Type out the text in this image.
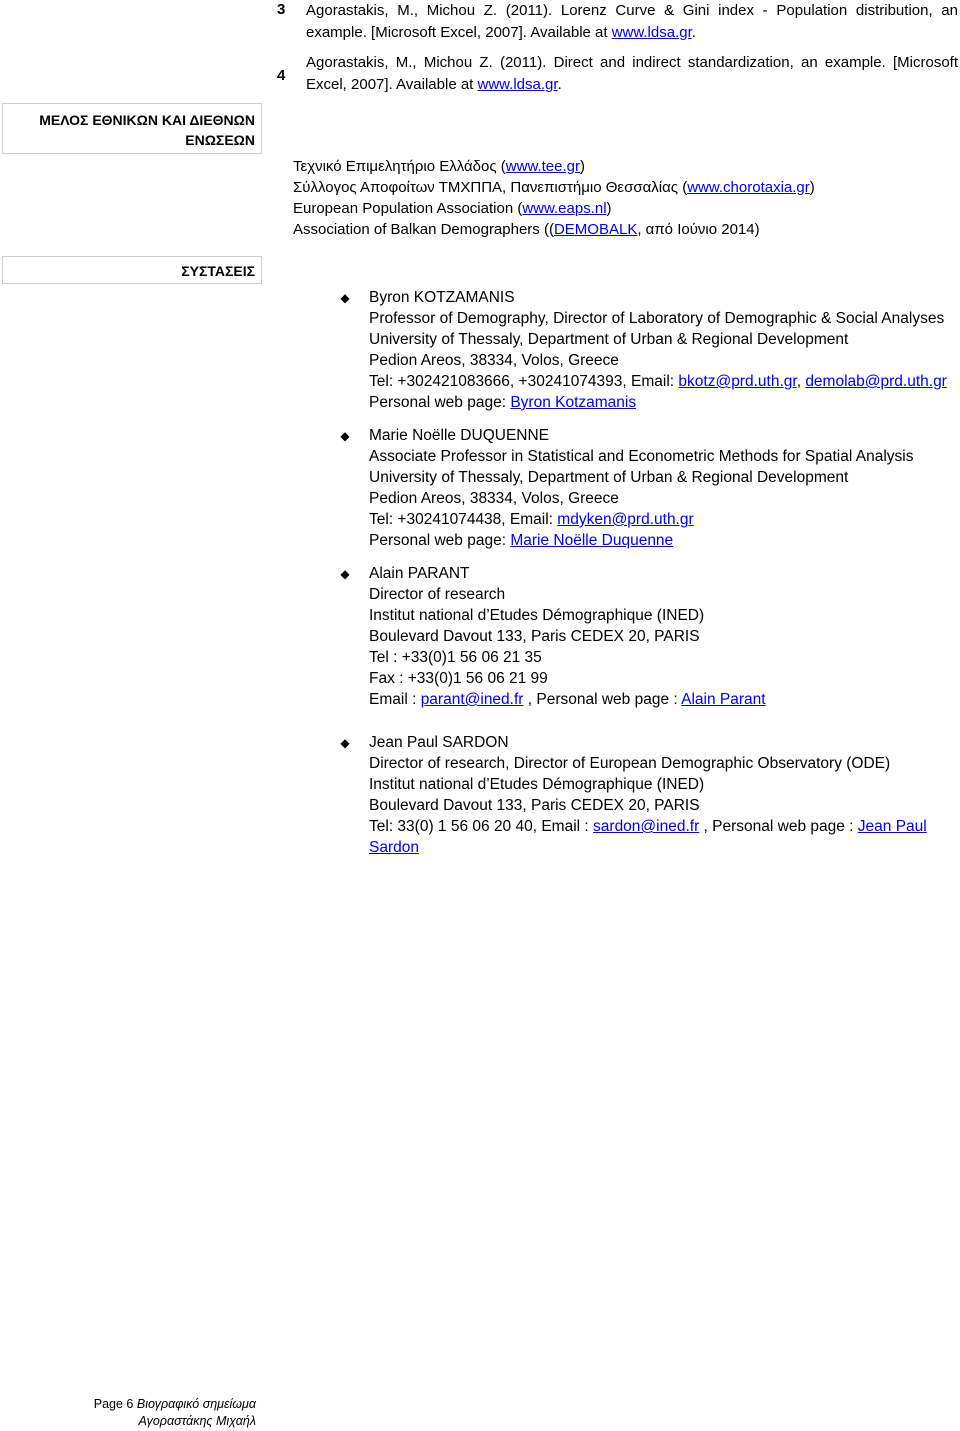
3 Agorastakis, M., Michou Z. (2011). Lorenz Curve & Gini index - Population distribution, an example. [Microsoft Excel, 2007]. Available at www.ldsa.gr.
4
Agorastakis, M., Michou Z. (2011). Direct and indirect standardization, an example. [Microsoft Excel, 2007]. Available at www.ldsa.gr.
ΜΕΛΟΣ ΕΘΝΙΚΩΝ ΚΑΙ ΔΙΕΘΝΩΝ ΕΝΩΣΕΩΝ
Τεχνικό Επιμελητήριο Ελλάδος (www.tee.gr)
Σύλλογος Αποφοίτων ΤΜΧΠΠΑ, Πανεπιστήμιο Θεσσαλίας (www.chorotaxia.gr)
European Population Association (www.eaps.nl)
Association of Balkan Demographers ((DEMOBALK, από Ιούνιο 2014)
ΣΥΣΤΑΣΕΙΣ
◆ Byron KOTZAMANIS
Professor of Demography, Director of Laboratory of Demographic & Social Analyses
University of Thessaly, Department of Urban & Regional Development
Pedion Areos, 38334, Volos, Greece
Tel: +302421083666, +30241074393, Email: bkotz@prd.uth.gr, demolab@prd.uth.gr
Personal web page: Byron Kotzamanis
◆ Marie Noëlle DUQUENNE
Associate Professor in Statistical and Econometric Methods for Spatial Analysis
University of Thessaly, Department of Urban & Regional Development
Pedion Areos, 38334, Volos, Greece
Tel: +30241074438, Email: mdyken@prd.uth.gr
Personal web page: Marie Noëlle Duquenne
◆ Alain PARANT
Director of research
Institut national d’Etudes Démographique (INED)
Boulevard Davout 133, Paris CEDEX 20, PARIS
Tel : +33(0)1 56 06 21 35
Fax : +33(0)1 56 06 21 99
Email : parant@ined.fr , Personal web page : Alain Parant
◆ Jean Paul SARDON
Director of research, Director of European Demographic Observatory (ODE)
Institut national d’Etudes Démographique (INED)
Boulevard Davout 133, Paris CEDEX 20, PARIS
Tel: 33(0) 1 56 06 20 40, Email : sardon@ined.fr , Personal web page : Jean Paul
Sardon
Page 6 Βιογραφικό σημείωμα
Αγοραστάκης Μιχαήλ
